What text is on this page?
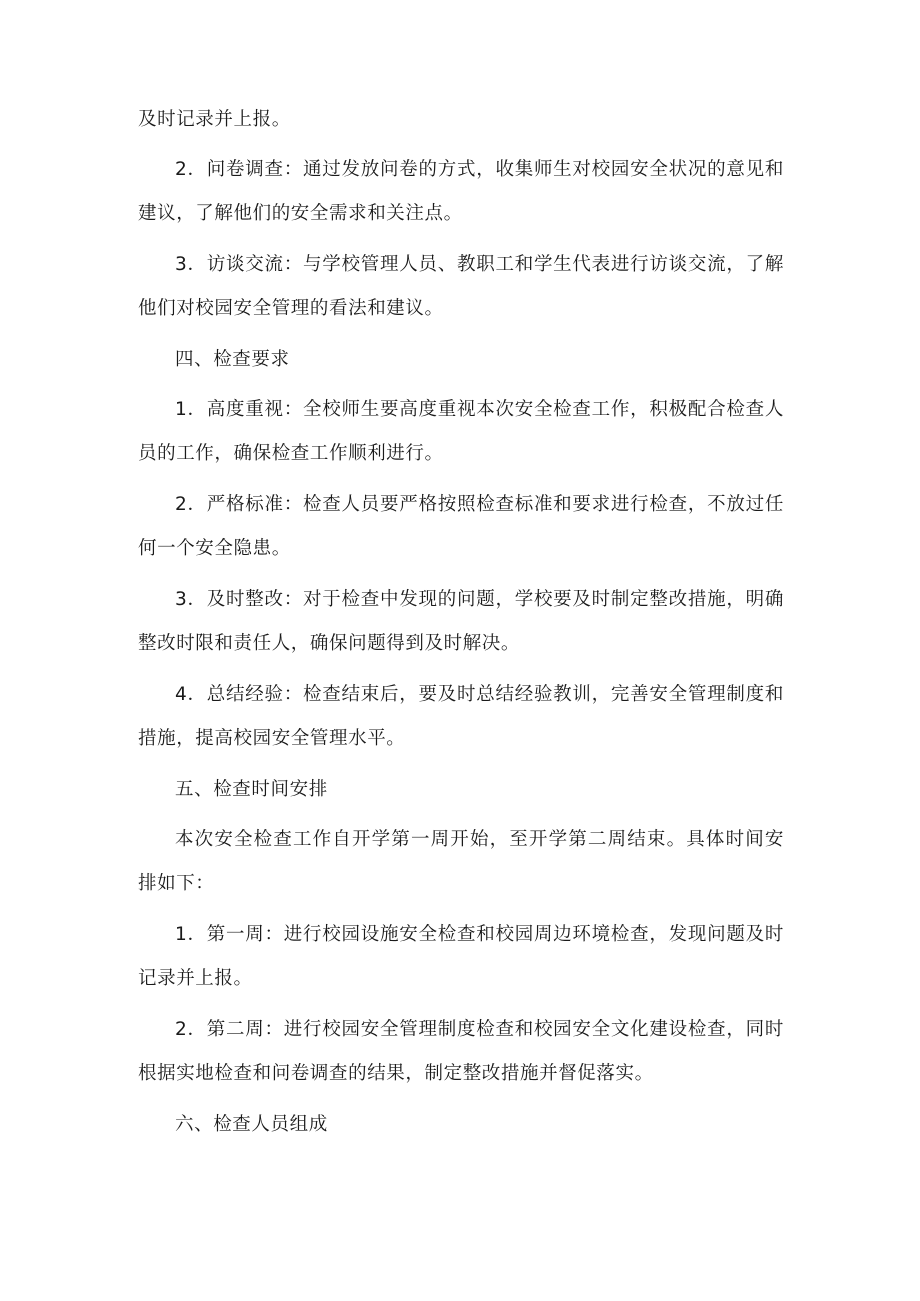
及时记录并上报。

2．问卷调查：通过发放问卷的方式，收集师生对校园安全状况的意见和建议，了解他们的安全需求和关注点。

3．访谈交流：与学校管理人员、教职工和学生代表进行访谈交流，了解他们对校园安全管理的看法和建议。

四、检查要求

1．高度重视：全校师生要高度重视本次安全检查工作，积极配合检查人员的工作，确保检查工作顺利进行。

2．严格标准：检查人员要严格按照检查标准和要求进行检查，不放过任何一个安全隐患。

3．及时整改：对于检查中发现的问题，学校要及时制定整改措施，明确整改时限和责任人，确保问题得到及时解决。

4．总结经验：检查结束后，要及时总结经验教训，完善安全管理制度和措施，提高校园安全管理水平。

五、检查时间安排

本次安全检查工作自开学第一周开始，至开学第二周结束。具体时间安排如下：

1．第一周：进行校园设施安全检查和校园周边环境检查，发现问题及时记录并上报。

2．第二周：进行校园安全管理制度检查和校园安全文化建设检查，同时根据实地检查和问卷调查的结果，制定整改措施并督促落实。

六、检查人员组成
